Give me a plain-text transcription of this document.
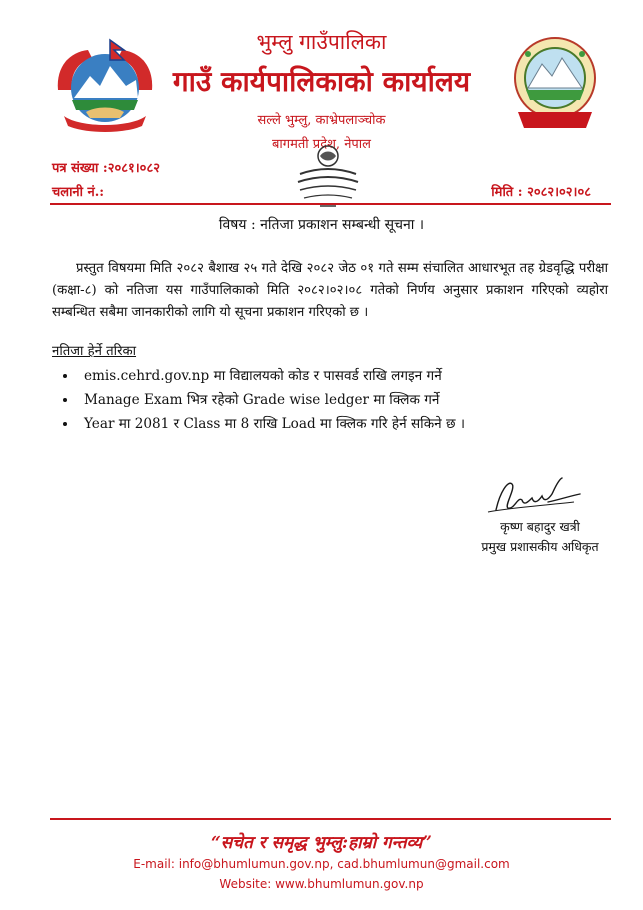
भुम्लु गाउँपालिका
गाउँ कार्यपालिकाको कार्यालय
सल्ले भुम्लु, काभ्रेपलाञ्चोक
बागमती प्रदेश, नेपाल
पत्र संख्या :२०८१।०८२
चलानी नं.:	मिति : २०८२।०२।०८
विषय : नतिजा प्रकाशन सम्बन्धी सूचना ।
प्रस्तुत विषयमा मिति २०८२ बैशाख २५ गते देखि २०८२ जेठ ०१ गते सम्म संचालित आधारभूत तह ग्रेडवृद्धि परीक्षा (कक्षा-८) को नतिजा यस गाउँपालिकाको मिति २०८२।०२।०८ गतेको निर्णय अनुसार प्रकाशन गरिएको व्यहोरा सम्बन्धित सबैमा जानकारीको लागि यो सूचना प्रकाशन गरिएको छ ।
नतिजा हेर्ने तरिका
• emis.cehrd.gov.np मा विद्यालयको कोड र पासवर्ड राखि लगइन गर्ने
• Manage Exam भित्र रहेको Grade wise ledger मा क्लिक गर्ने
• Year मा 2081 र Class मा 8 राखि Load मा क्लिक गरि हेर्न सकिने छ ।
कृष्ण बहादुर खत्री
प्रमुख प्रशासकीय अधिकृत
“सचेत र समृद्ध भुम्लु:हाम्रो गन्तव्य”
E-mail: info@bhumlumun.gov.np, cad.bhumlumun@gmail.com
Website: www.bhumlumun.gov.np
